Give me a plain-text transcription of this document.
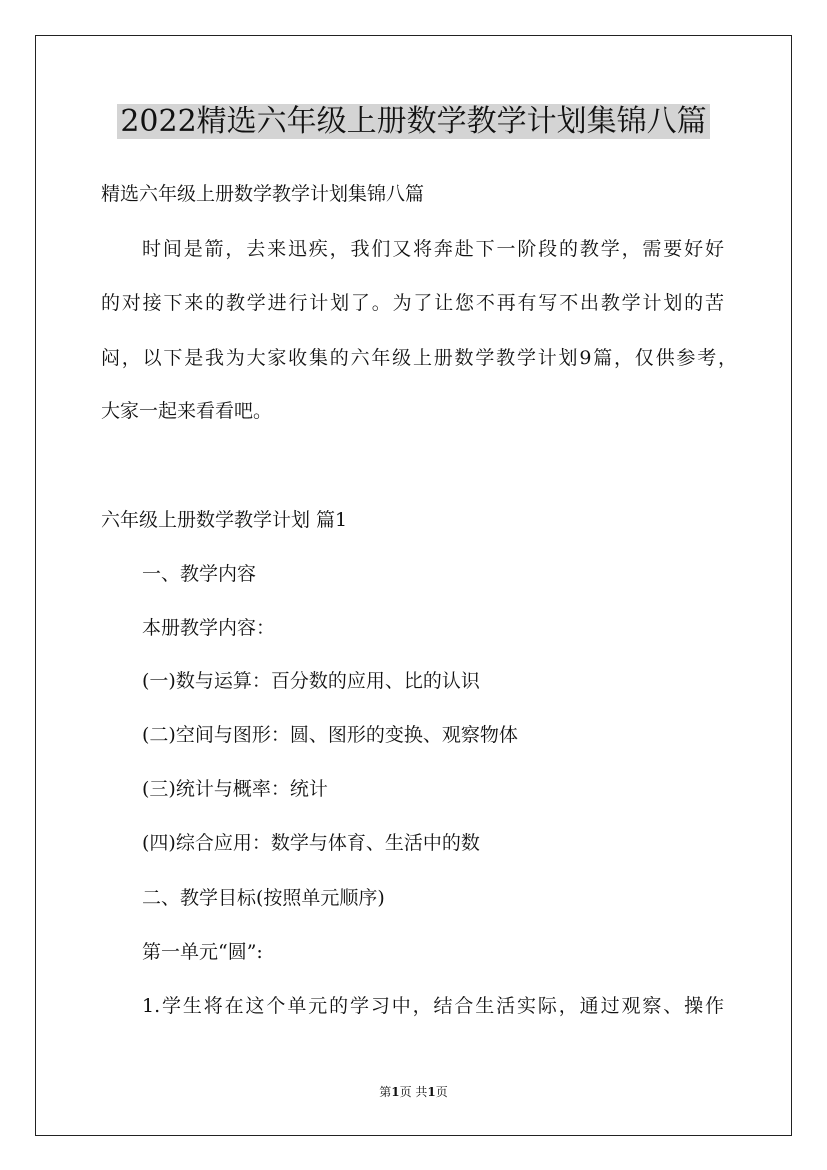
2022精选六年级上册数学教学计划集锦八篇
精选六年级上册数学教学计划集锦八篇
时间是箭，去来迅疾，我们又将奔赴下一阶段的教学，需要好好
的对接下来的教学进行计划了。为了让您不再有写不出教学计划的苦
闷，以下是我为大家收集的六年级上册数学教学计划9篇，仅供参考，
大家一起来看看吧。
六年级上册数学教学计划 篇1
一、教学内容
本册教学内容：
(一)数与运算：百分数的应用、比的认识
(二)空间与图形：圆、图形的变换、观察物体
(三)统计与概率：统计
(四)综合应用：数学与体育、生活中的数
二、教学目标(按照单元顺序)
第一单元“圆”:
1.学生将在这个单元的学习中，结合生活实际，通过观察、操作
第1页 共1页
